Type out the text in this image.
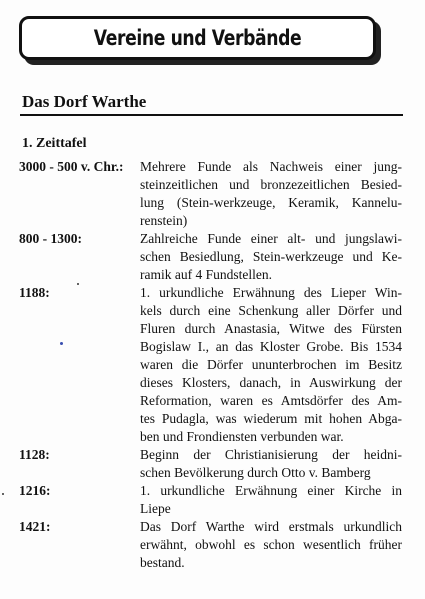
Vereine und Verbände
Das Dorf Warthe
1. Zeittafel
3000 - 500 v. Chr.:	Mehrere Funde als Nachweis einer jung-
steinzeitlichen und bronzezeitlichen Besied-
lung (Stein-werkzeuge, Keramik, Kannelu-
renstein)
800 - 1300:	Zahlreiche Funde einer alt- und jungslawi-
schen Besiedlung, Stein-werkzeuge und Ke-
ramik auf 4 Fundstellen.
1188:	1. urkundliche Erwähnung des Lieper Win-
kels durch eine Schenkung aller Dörfer und
Fluren durch Anastasia, Witwe des Fürsten
Bogislaw I., an das Kloster Grobe. Bis 1534
waren die Dörfer ununterbrochen im Besitz
dieses Klosters, danach, in Auswirkung der
Reformation, waren es Amtsdörfer des Am-
tes Pudagla, was wiederum mit hohen Abga-
ben und Frondiensten verbunden war.
1128:	Beginn der Christianisierung der heidni-
schen Bevölkerung durch Otto v. Bamberg
1216:	1. urkundliche Erwähnung einer Kirche in
Liepe
1421:	Das Dorf Warthe wird erstmals urkundlich
erwähnt, obwohl es schon wesentlich früher
bestand.
